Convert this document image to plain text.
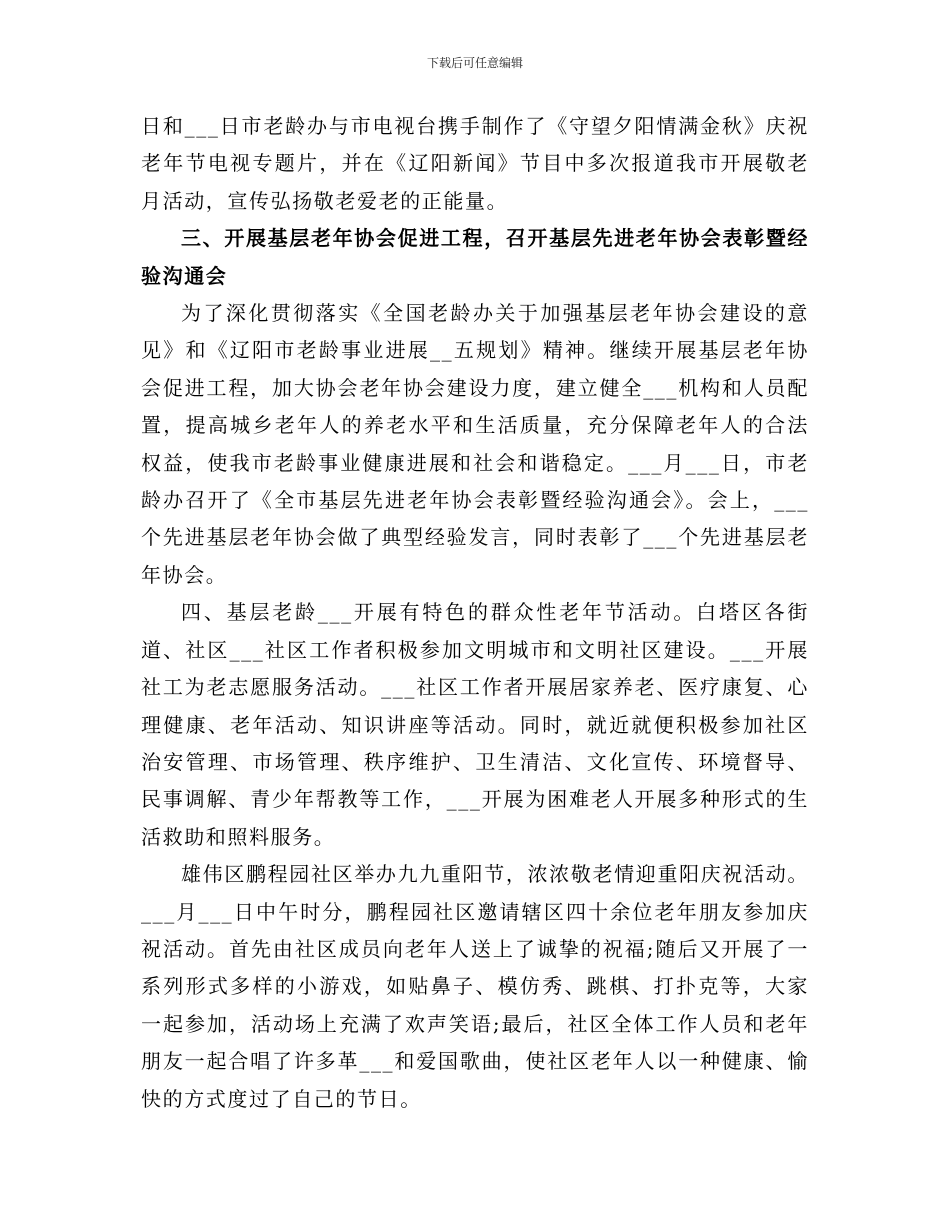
下载后可任意编辑

日和___日市老龄办与市电视台携手制作了《守望夕阳情满金秋》庆祝老年节电视专题片，并在《辽阳新闻》节目中多次报道我市开展敬老月活动，宣传弘扬敬老爱老的正能量。

三、开展基层老年协会促进工程，召开基层先进老年协会表彰暨经验沟通会

为了深化贯彻落实《全国老龄办关于加强基层老年协会建设的意见》和《辽阳市老龄事业进展__五规划》精神。继续开展基层老年协会促进工程，加大协会老年协会建设力度，建立健全___机构和人员配置，提高城乡老年人的养老水平和生活质量，充分保障老年人的合法权益，使我市老龄事业健康进展和社会和谐稳定。___月___日，市老龄办召开了《全市基层先进老年协会表彰暨经验沟通会》。会上，___个先进基层老年协会做了典型经验发言，同时表彰了___个先进基层老年协会。

四、基层老龄___开展有特色的群众性老年节活动。白塔区各街道、社区___社区工作者积极参加文明城市和文明社区建设。___开展社工为老志愿服务活动。___社区工作者开展居家养老、医疗康复、心理健康、老年活动、知识讲座等活动。同时，就近就便积极参加社区治安管理、市场管理、秩序维护、卫生清洁、文化宣传、环境督导、民事调解、青少年帮教等工作，___开展为困难老人开展多种形式的生活救助和照料服务。

雄伟区鹏程园社区举办九九重阳节，浓浓敬老情迎重阳庆祝活动。___月___日中午时分，鹏程园社区邀请辖区四十余位老年朋友参加庆祝活动。首先由社区成员向老年人送上了诚挚的祝福;随后又开展了一系列形式多样的小游戏，如贴鼻子、模仿秀、跳棋、打扑克等，大家一起参加，活动场上充满了欢声笑语;最后，社区全体工作人员和老年朋友一起合唱了许多革___和爱国歌曲，使社区老年人以一种健康、愉快的方式度过了自己的节日。
